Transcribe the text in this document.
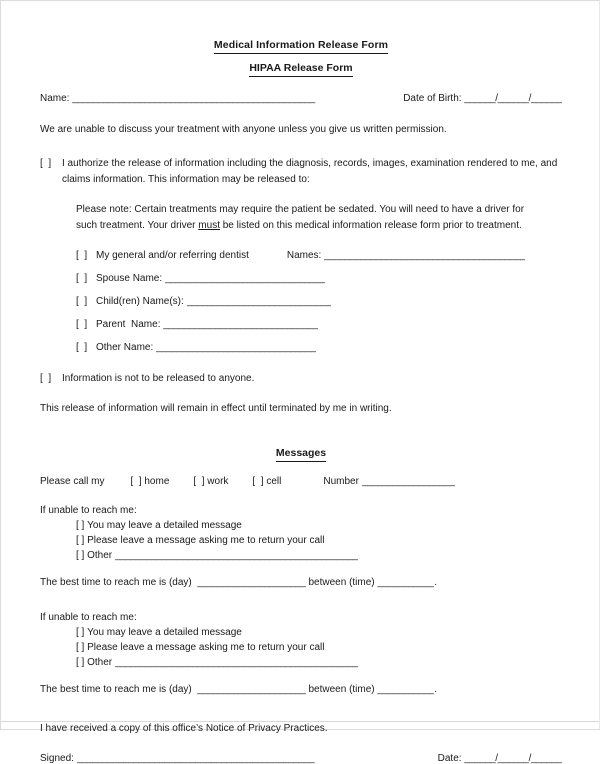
Medical Information Release Form
HIPAA Release Form
Name:
_______________________________________________
	Date of Birth:
______/______/______
We are unable to discuss your treatment with anyone unless you give us written permission.
[  ]	I authorize the release of information including the diagnosis, records, images, examination rendered to me, and claims information. This information may be released to:
Please note: Certain treatments may require the patient be sedated. You will need to have a driver for such treatment. Your driver must be listed on this medical information release form prior to treatment.
[  ] My general and/or referring dentist
	Names:
_______________________________________
[  ] Spouse Name:
_______________________________
[  ] Child(ren) Name(s):
____________________________
[  ] Parent  Name:
______________________________
[  ] Other Name:
_______________________________
[  ]	Information is not to be released to anyone.
This release of information will remain in effect until terminated by me in writing.
Messages
Please call my
	[  ]
home
[  ]
work
[  ]
cell
	Number
__________________
If unable to reach me:
[ ] You may leave a detailed message
[ ] Please leave a message asking me to return your call
[ ]
Other
_______________________________________________
The best time to reach me is (day)
_____________________
between (time)
___________ .
If unable to reach me:
[ ] You may leave a detailed message
[ ] Please leave a message asking me to return your call
[ ]
Other
_______________________________________________
The best time to reach me is (day)
_____________________
between (time)
___________ .
I have received a copy of this office’s Notice of Privacy Practices.
Signed:
______________________________________________
	Date:
______/______/______
